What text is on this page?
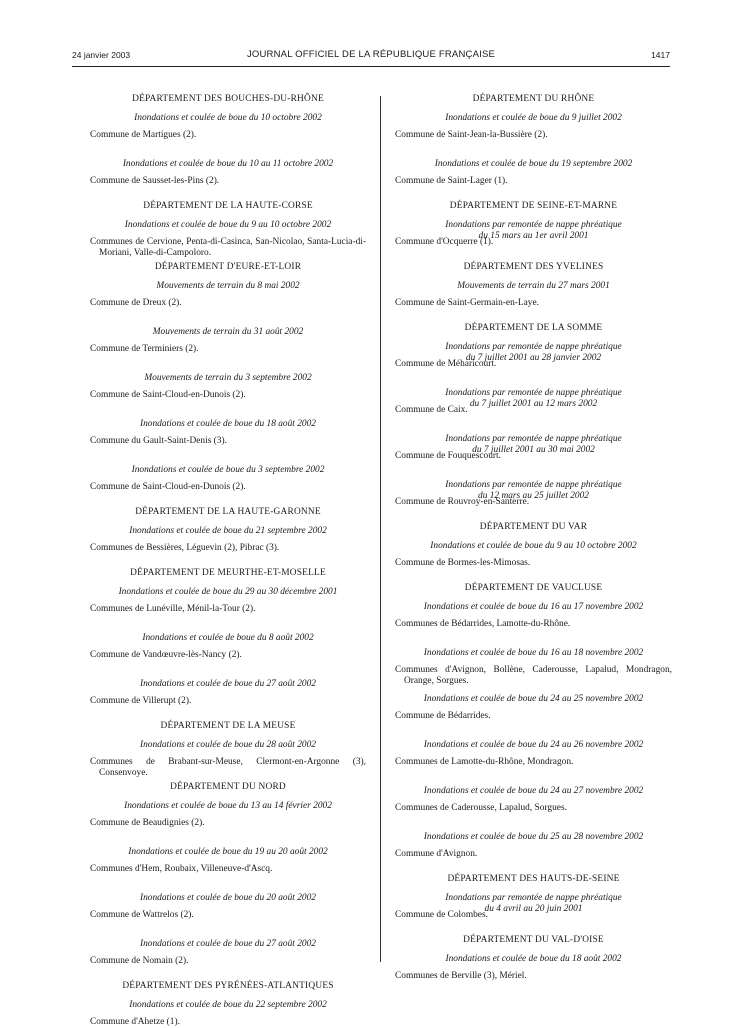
24 janvier 2003	JOURNAL OFFICIEL DE LA RÉPUBLIQUE FRANÇAISE	1417
DÉPARTEMENT DES BOUCHES-DU-RHÔNE
Inondations et coulée de boue du 10 octobre 2002
Commune de Martigues (2).
Inondations et coulée de boue du 10 au 11 octobre 2002
Commune de Sausset-les-Pins (2).
DÉPARTEMENT DE LA HAUTE-CORSE
Inondations et coulée de boue du 9 au 10 octobre 2002
Communes de Cervione, Penta-di-Casinca, San-Nicolao, Santa-Lucia-di-Moriani, Valle-di-Campoloro.
DÉPARTEMENT D'EURE-ET-LOIR
Mouvements de terrain du 8 mai 2002
Commune de Dreux (2).
Mouvements de terrain du 31 août 2002
Commune de Terminiers (2).
Mouvements de terrain du 3 septembre 2002
Commune de Saint-Cloud-en-Dunois (2).
Inondations et coulée de boue du 18 août 2002
Commune du Gault-Saint-Denis (3).
Inondations et coulée de boue du 3 septembre 2002
Commune de Saint-Cloud-en-Dunois (2).
DÉPARTEMENT DE LA HAUTE-GARONNE
Inondations et coulée de boue du 21 septembre 2002
Communes de Bessières, Léguevin (2), Pibrac (3).
DÉPARTEMENT DE MEURTHE-ET-MOSELLE
Inondations et coulée de boue du 29 au 30 décembre 2001
Communes de Lunéville, Ménil-la-Tour (2).
Inondations et coulée de boue du 8 août 2002
Commune de Vandœuvre-lès-Nancy (2).
Inondations et coulée de boue du 27 août 2002
Commune de Villerupt (2).
DÉPARTEMENT DE LA MEUSE
Inondations et coulée de boue du 28 août 2002
Communes de Brabant-sur-Meuse, Clermont-en-Argonne (3), Consenvoye.
DÉPARTEMENT DU NORD
Inondations et coulée de boue du 13 au 14 février 2002
Commune de Beaudignies (2).
Inondations et coulée de boue du 19 au 20 août 2002
Communes d'Hem, Roubaix, Villeneuve-d'Ascq.
Inondations et coulée de boue du 20 août 2002
Commune de Wattrelos (2).
Inondations et coulée de boue du 27 août 2002
Commune de Nomain (2).
DÉPARTEMENT DES PYRÉNÉES-ATLANTIQUES
Inondations et coulée de boue du 22 septembre 2002
Commune d'Ahetze (1).
DÉPARTEMENT DU RHÔNE
Inondations et coulée de boue du 9 juillet 2002
Commune de Saint-Jean-la-Bussière (2).
Inondations et coulée de boue du 19 septembre 2002
Commune de Saint-Lager (1).
DÉPARTEMENT DE SEINE-ET-MARNE
Inondations par remontée de nappe phréatique
du 15 mars au 1er avril 2001
Commune d'Ocquerre (1).
DÉPARTEMENT DES YVELINES
Mouvements de terrain du 27 mars 2001
Commune de Saint-Germain-en-Laye.
DÉPARTEMENT DE LA SOMME
Inondations par remontée de nappe phréatique
du 7 juillet 2001 au 28 janvier 2002
Commune de Méharicourt.
Inondations par remontée de nappe phréatique
du 7 juillet 2001 au 12 mars 2002
Commune de Caix.
Inondations par remontée de nappe phréatique
du 7 juillet 2001 au 30 mai 2002
Commune de Fouquescourt.
Inondations par remontée de nappe phréatique
du 12 mars au 25 juillet 2002
Commune de Rouvroy-en-Santerre.
DÉPARTEMENT DU VAR
Inondations et coulée de boue du 9 au 10 octobre 2002
Commune de Bormes-les-Mimosas.
DÉPARTEMENT DE VAUCLUSE
Inondations et coulée de boue du 16 au 17 novembre 2002
Communes de Bédarrides, Lamotte-du-Rhône.
Inondations et coulée de boue du 16 au 18 novembre 2002
Communes d'Avignon, Bollène, Caderousse, Lapalud, Mondragon, Orange, Sorgues.
Inondations et coulée de boue du 24 au 25 novembre 2002
Commune de Bédarrides.
Inondations et coulée de boue du 24 au 26 novembre 2002
Communes de Lamotte-du-Rhône, Mondragon.
Inondations et coulée de boue du 24 au 27 novembre 2002
Communes de Caderousse, Lapalud, Sorgues.
Inondations et coulée de boue du 25 au 28 novembre 2002
Commune d'Avignon.
DÉPARTEMENT DES HAUTS-DE-SEINE
Inondations par remontée de nappe phréatique
du 4 avril au 20 juin 2001
Commune de Colombes.
DÉPARTEMENT DU VAL-D'OISE
Inondations et coulée de boue du 18 août 2002
Communes de Berville (3), Mériel.
